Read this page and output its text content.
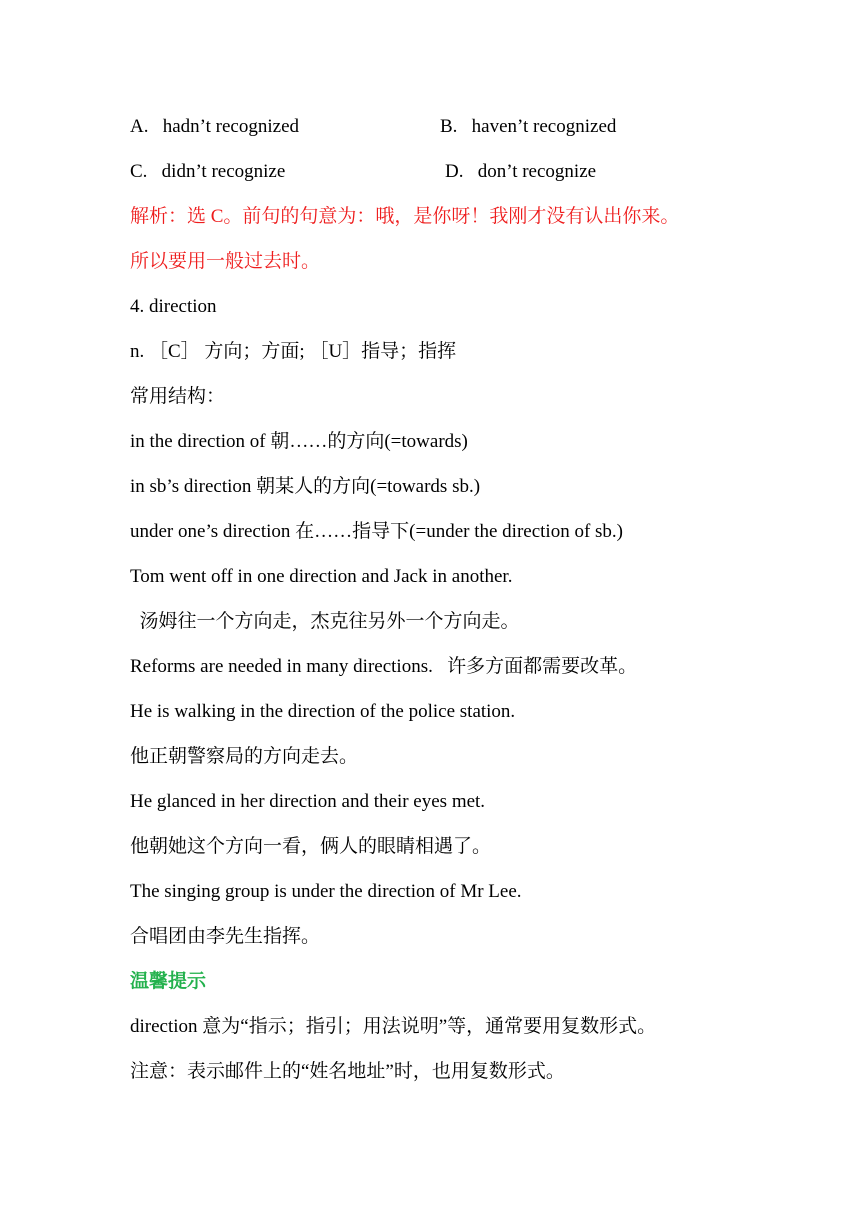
A.   hadn’t recognized	B.   haven’t recognized
C.   didn’t recognize	D.   don’t recognize
解析：选 C。前句的句意为：哦，是你呀！我刚才没有认出你来。
所以要用一般过去时。
4. direction
n. ［C］ 方向；方面; ［U］指导；指挥
常用结构：
in the direction of 朝……的方向(=towards)
in sb’s direction 朝某人的方向(=towards sb.)
under one’s direction 在……指导下(=under the direction of sb.)
Tom went off in one direction and Jack in another.
汤姆往一个方向走，杰克往另外一个方向走。
Reforms are needed in many directions.   许多方面都需要改革。
He is walking in the direction of the police station.
他正朝警察局的方向走去。
He glanced in her direction and their eyes met.
他朝她这个方向一看，俩人的眼睛相遇了。
The singing group is under the direction of Mr Lee.
合唱团由李先生指挥。
温馨提示
direction 意为“指示；指引；用法说明”等，通常要用复数形式。
注意：表示邮件上的“姓名地址”时，也用复数形式。
